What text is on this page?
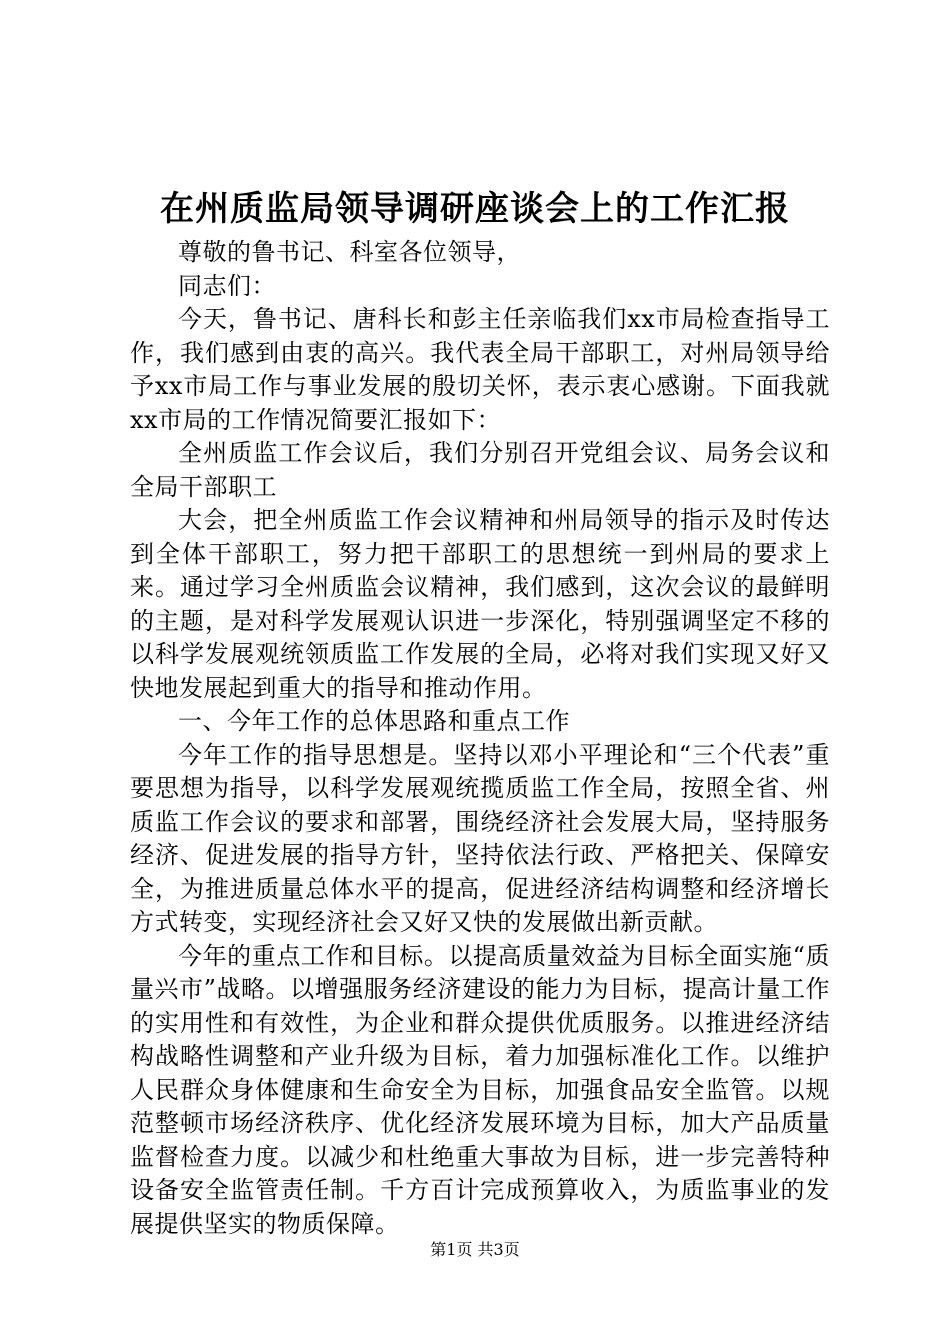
在州质监局领导调研座谈会上的工作汇报

尊敬的鲁书记、科室各位领导，

同志们：

今天，鲁书记、唐科长和彭主任亲临我们xx市局检查指导工作，我们感到由衷的高兴。我代表全局干部职工，对州局领导给予xx市局工作与事业发展的殷切关怀，表示衷心感谢。下面我就xx市局的工作情况简要汇报如下：

全州质监工作会议后，我们分别召开党组会议、局务会议和全局干部职工

大会，把全州质监工作会议精神和州局领导的指示及时传达到全体干部职工，努力把干部职工的思想统一到州局的要求上来。通过学习全州质监会议精神，我们感到，这次会议的最鲜明的主题，是对科学发展观认识进一步深化，特别强调坚定不移的以科学发展观统领质监工作发展的全局，必将对我们实现又好又快地发展起到重大的指导和推动作用。

一、今年工作的总体思路和重点工作

今年工作的指导思想是。坚持以邓小平理论和“三个代表”重要思想为指导，以科学发展观统揽质监工作全局，按照全省、州质监工作会议的要求和部署，围绕经济社会发展大局，坚持服务经济、促进发展的指导方针，坚持依法行政、严格把关、保障安全，为推进质量总体水平的提高，促进经济结构调整和经济增长方式转变，实现经济社会又好又快的发展做出新贡献。

今年的重点工作和目标。以提高质量效益为目标全面实施“质量兴市”战略。以增强服务经济建设的能力为目标，提高计量工作的实用性和有效性，为企业和群众提供优质服务。以推进经济结构战略性调整和产业升级为目标，着力加强标准化工作。以维护人民群众身体健康和生命安全为目标，加强食品安全监管。以规范整顿市场经济秩序、优化经济发展环境为目标，加大产品质量监督检查力度。以减少和杜绝重大事故为目标，进一步完善特种设备安全监管责任制。千方百计完成预算收入，为质监事业的发展提供坚实的物质保障。

第1页 共3页
